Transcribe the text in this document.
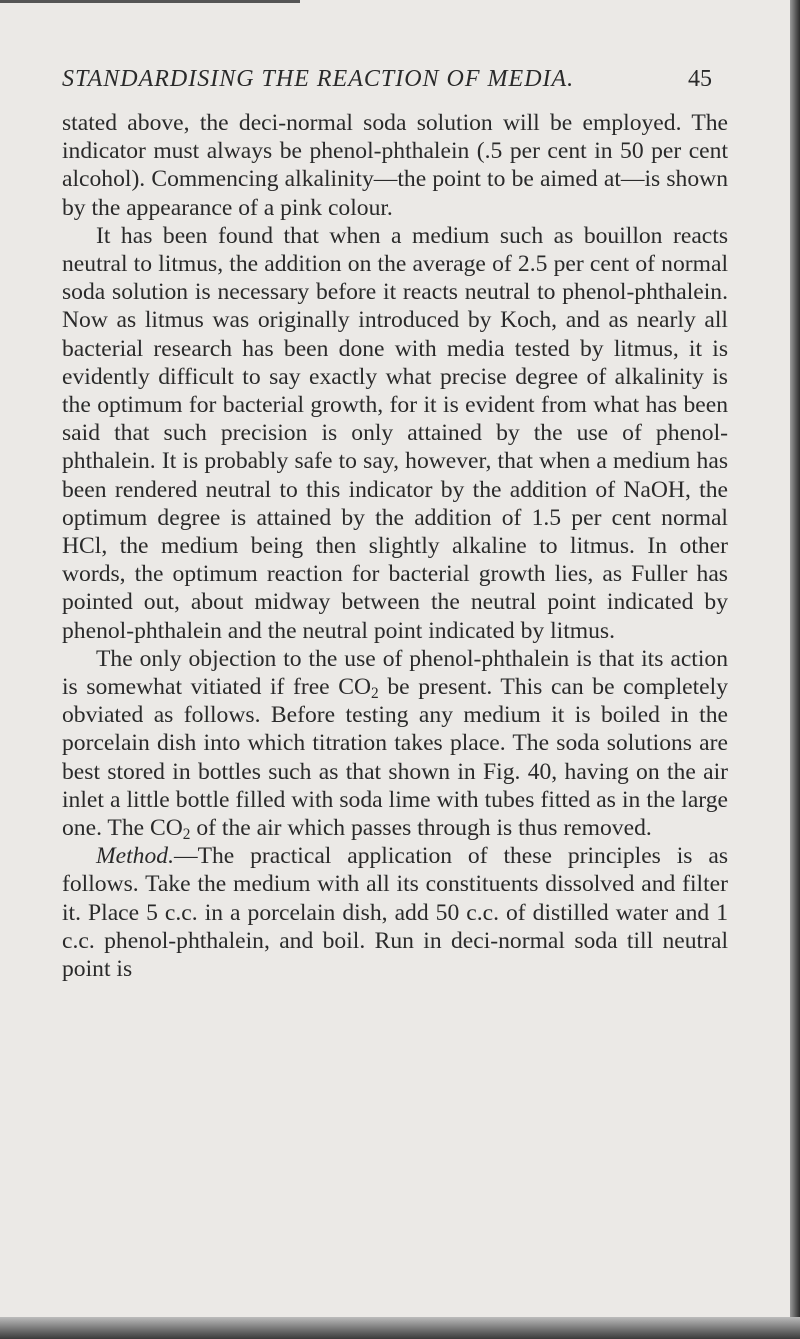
STANDARDISING THE REACTION OF MEDIA.	45

stated above, the deci-normal soda solution will be employed. The indicator must always be phenol-phthalein (.5 per cent in 50 per cent alcohol). Commencing alkalinity—the point to be aimed at—is shown by the appearance of a pink colour.

It has been found that when a medium such as bouillon reacts neutral to litmus, the addition on the average of 2.5 per cent of normal soda solution is necessary before it reacts neutral to phenol-phthalein. Now as litmus was originally introduced by Koch, and as nearly all bacterial research has been done with media tested by litmus, it is evidently difficult to say exactly what precise degree of alkalinity is the optimum for bacterial growth, for it is evident from what has been said that such precision is only attained by the use of phenol-phthalein. It is probably safe to say, however, that when a medium has been rendered neutral to this indicator by the addition of NaOH, the optimum degree is attained by the addition of 1.5 per cent normal HCl, the medium being then slightly alkaline to litmus. In other words, the optimum reaction for bacterial growth lies, as Fuller has pointed out, about midway between the neutral point indicated by phenol-phthalein and the neutral point indicated by litmus.

The only objection to the use of phenol-phthalein is that its action is somewhat vitiated if free $CO_2$ be present. This can be completely obviated as follows. Before testing any medium it is boiled in the porcelain dish into which titration takes place. The soda solutions are best stored in bottles such as that shown in Fig. 40, having on the air inlet a little bottle filled with soda lime with tubes fitted as in the large one. The $CO_2$ of the air which passes through is thus removed.

Method.—The practical application of these principles is as follows. Take the medium with all its constituents dissolved and filter it. Place 5 c.c. in a porcelain dish, add 50 c.c. of distilled water and 1 c.c. phenol-phthalein, and boil. Run in deci-normal soda till neutral point is
